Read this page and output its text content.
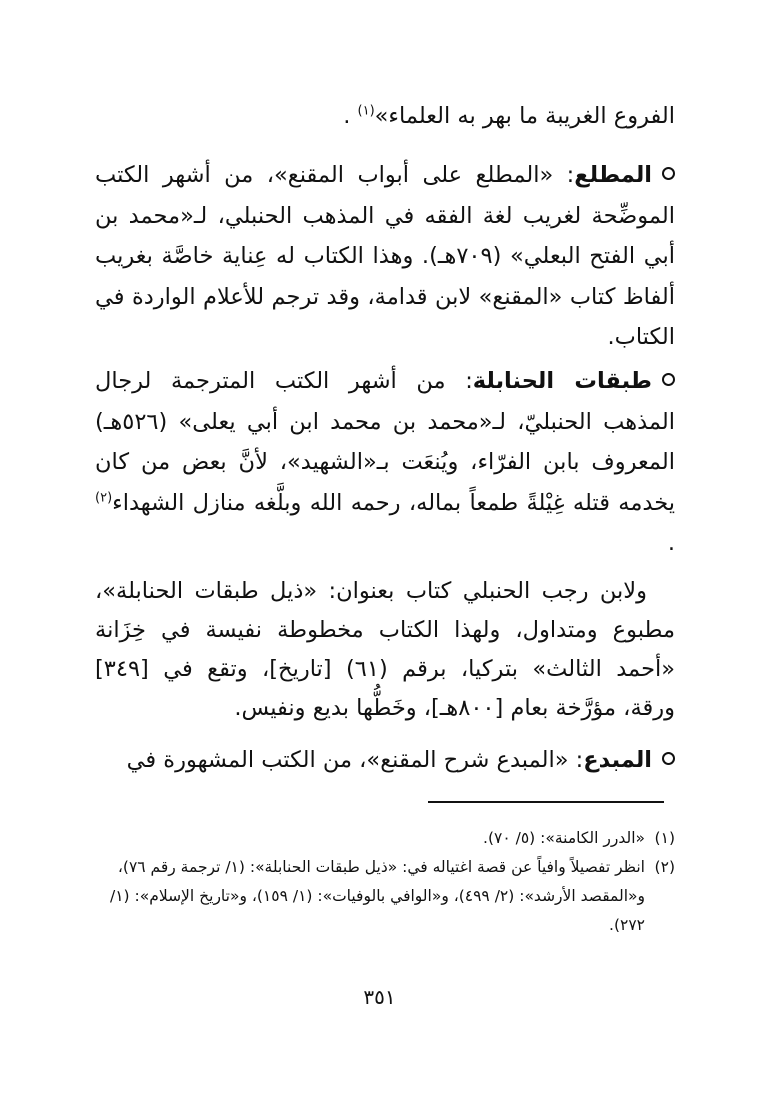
الفروع الغريبة ما بهر به العلماء»$^{(١)}$ .
المطلع: «المطلع على أبواب المقنع»، من أشهر الكتب الموضِّحة لغريب لغة الفقه في المذهب الحنبلي، لـ«محمد بن أبي الفتح البعلي» (٧٠٩هـ). وهذا الكتاب له عِناية خاصَّة بغريب ألفاظ كتاب «المقنع» لابن قدامة، وقد ترجم للأعلام الواردة في الكتاب.
طبقات الحنابلة: من أشهر الكتب المترجمة لرجال المذهب الحنبليّ، لـ«محمد بن محمد ابن أبي يعلى» (٥٢٦هـ) المعروف بابن الفرّاء، ويُنعَت بـ«الشهيد»، لأنَّ بعض من كان يخدمه قتله غِيْلةً طمعاً بماله، رحمه الله وبلَّغه منازل الشهداء$^{(٢)}$ .
ولابن رجب الحنبلي كتاب بعنوان: «ذيل طبقات الحنابلة»، مطبوع ومتداول، ولهذا الكتاب مخطوطة نفيسة في خِزَانة «أحمد الثالث» بتركيا، برقم (٦١) [تاريخ]، وتقع في [٣٤٩] ورقة، مؤرَّخة بعام [٨٠٠هـ]، وخَطُّها بديع ونفيس.
المبدع: «المبدع شرح المقنع»، من الكتب المشهورة في
(١)
«الدرر الكامنة»: (٥/ ٧٠).
(٢)
انظر تفصيلاً وافياً عن قصة اغتياله في: «ذيل طبقات الحنابلة»: (١/ ترجمة رقم ٧٦)، و«المقصد الأرشد»: (٢/ ٤٩٩)، و«الوافي بالوفيات»: (١/ ١٥٩)، و«تاريخ الإسلام»: (١/ ٢٧٢).
٣٥١
